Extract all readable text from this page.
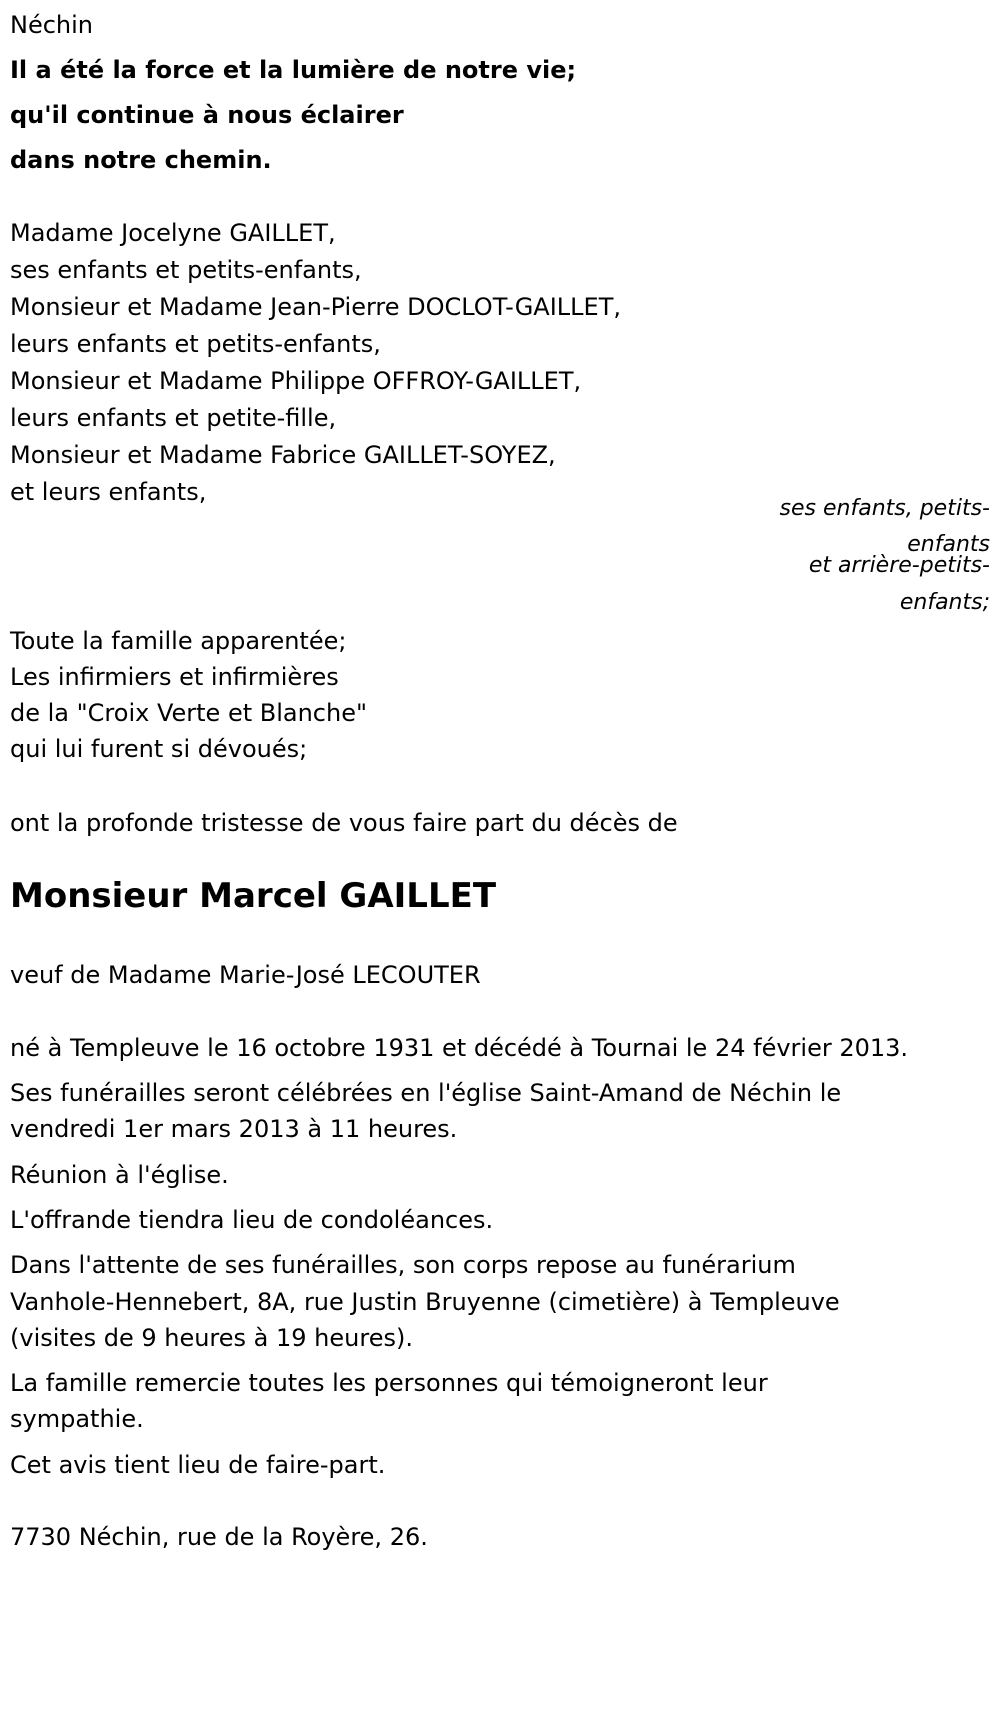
Néchin
Il a été la force et la lumière de notre vie;
qu'il continue à nous éclairer
dans notre chemin.
Madame Jocelyne GAILLET,
ses enfants et petits-enfants,
Monsieur et Madame Jean-Pierre DOCLOT-GAILLET,
leurs enfants et petits-enfants,
Monsieur et Madame Philippe OFFROY-GAILLET,
leurs enfants et petite-fille,
Monsieur et Madame Fabrice GAILLET-SOYEZ,
et leurs enfants,
ses enfants, petits-
enfants
et arrière-petits-
enfants;
Toute la famille apparentée;
Les infirmiers et infirmières
de la "Croix Verte et Blanche"
qui lui furent si dévoués;
ont la profonde tristesse de vous faire part du décès de
Monsieur Marcel GAILLET
veuf de Madame Marie-José LECOUTER
né à Templeuve le 16 octobre 1931 et décédé à Tournai le 24 février 2013.
Ses funérailles seront célébrées en l'église Saint-Amand de Néchin le
vendredi 1er mars 2013 à 11 heures.
Réunion à l'église.
L'offrande tiendra lieu de condoléances.
Dans l'attente de ses funérailles, son corps repose au funérarium
Vanhole-Hennebert, 8A, rue Justin Bruyenne (cimetière) à Templeuve
(visites de 9 heures à 19 heures).
La famille remercie toutes les personnes qui témoigneront leur
sympathie.
Cet avis tient lieu de faire-part.
7730 Néchin, rue de la Royère, 26.
